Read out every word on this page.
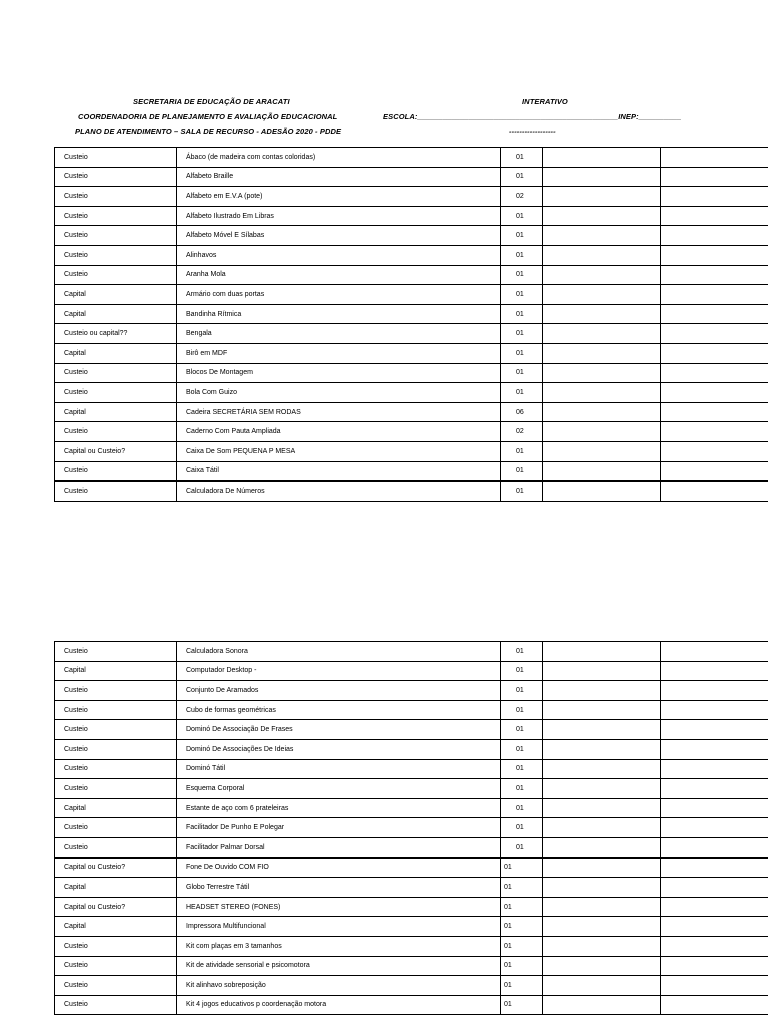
SECRETARIA DE EDUCAÇÃO DE ARACATI	INTERATIVO
COORDENADORIA DE PLANEJAMENTO E AVALIAÇÃO EDUCACIONAL	ESCOLA:_______________________________________________INEP:__________
PLANO DE ATENDIMENTO – SALA DE RECURSO - ADESÃO 2020 - PDDE	------------------
Custeio	Ábaco (de madeira com contas coloridas)	01		
Custeio	Alfabeto Braille	01		
Custeio	Alfabeto em E.V.A (pote)	02		
Custeio	Alfabeto Ilustrado Em Libras	01		
Custeio	Alfabeto Móvel E Sílabas	01		
Custeio	Alinhavos	01		
Custeio	Aranha Mola	01		
Capital	Armário com duas portas	01		
Capital	Bandinha Rítmica	01		
Custeio ou capital??	Bengala	01		
Capital	Birô em MDF	01		
Custeio	Blocos De Montagem	01		
Custeio	Bola Com Guizo	01		
Capital	Cadeira SECRETÁRIA SEM RODAS	06		
Custeio	Caderno Com Pauta Ampliada	02		
Capital ou Custeio?	Caixa De Som PEQUENA P MESA	01		
Custeio	Caixa Tátil	01		
Custeio	Calculadora De Números	01		
Custeio	Calculadora Sonora	01		
Capital	Computador Desktop -	01		
Custeio	Conjunto De Aramados	01		
Custeio	Cubo de formas geométricas	01		
Custeio	Dominó De Associação De Frases	01		
Custeio	Dominó De Associações De Ideias	01		
Custeio	Dominó Tátil	01		
Custeio	Esquema Corporal	01		
Capital	Estante de aço com 6 prateleiras	01		
Custeio	Facilitador De Punho E Polegar	01		
Custeio	Facilitador Palmar Dorsal	01		
Capital ou Custeio?	Fone De Ouvido COM FIO	01		
Capital	Globo Terrestre Tátil	01		
Capital ou Custeio?	HEADSET STEREO (FONES)	01		
Capital	Impressora Multifuncional	01		
Custeio	Kit com plaças em 3 tamanhos	01		
Custeio	Kit de atividade sensorial e psicomotora	01		
Custeio	Kit alinhavo sobreposição	01		
Custeio	Kit 4 jogos educativos p coordenação motora	01		
